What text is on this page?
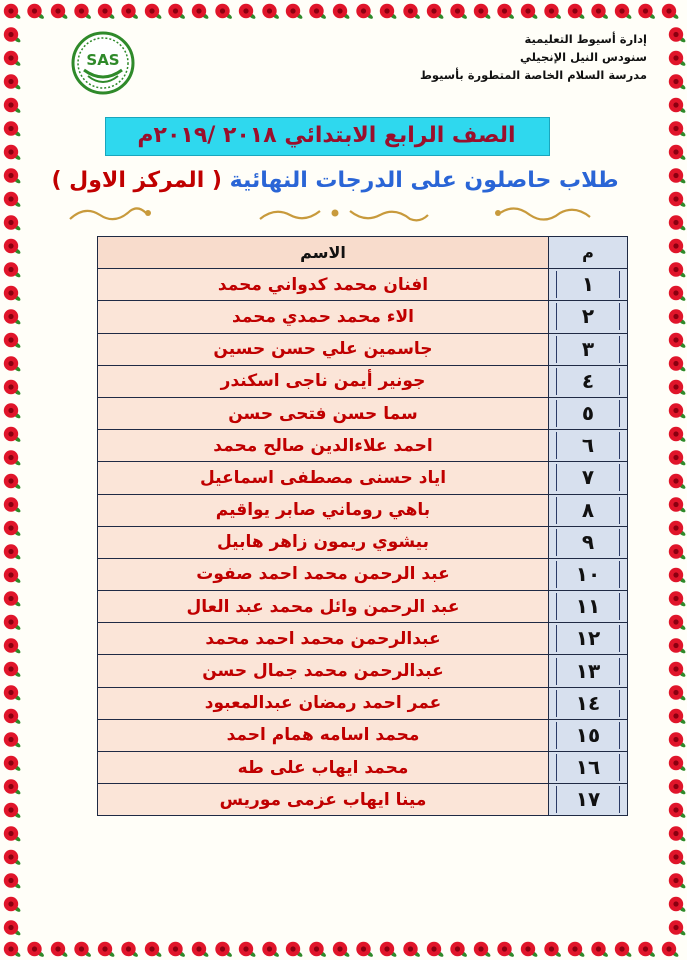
SAS
إدارة أسيوط التعليمية
سنودس النيل الإنجيلي
مدرسة السلام الخاصة المتطورة بأسيوط
الصف الرابع الابتدائي ٢٠١٨ /٢٠١٩م
طلاب حاصلون على الدرجات النهائية ( المركز الاول )
م	الاسم
١	افنان محمد كدواني محمد
٢	الاء محمد حمدي محمد
٣	جاسمين علي حسن حسين
٤	جونير أيمن ناجى اسكندر
٥	سما حسن فتحى حسن
٦	احمد علاءالدين صالح محمد
٧	اياد حسنى مصطفى اسماعيل
٨	باهي روماني صابر يواقيم
٩	بيشوي ريمون زاهر هابيل
١٠	عبد الرحمن محمد احمد صفوت
١١	عبد الرحمن وائل محمد عبد العال
١٢	عبدالرحمن محمد احمد محمد
١٣	عبدالرحمن محمد جمال حسن
١٤	عمر احمد رمضان عبدالمعبود
١٥	محمد اسامه همام احمد
١٦	محمد ايهاب على طه
١٧	مينا ايهاب عزمى موريس
